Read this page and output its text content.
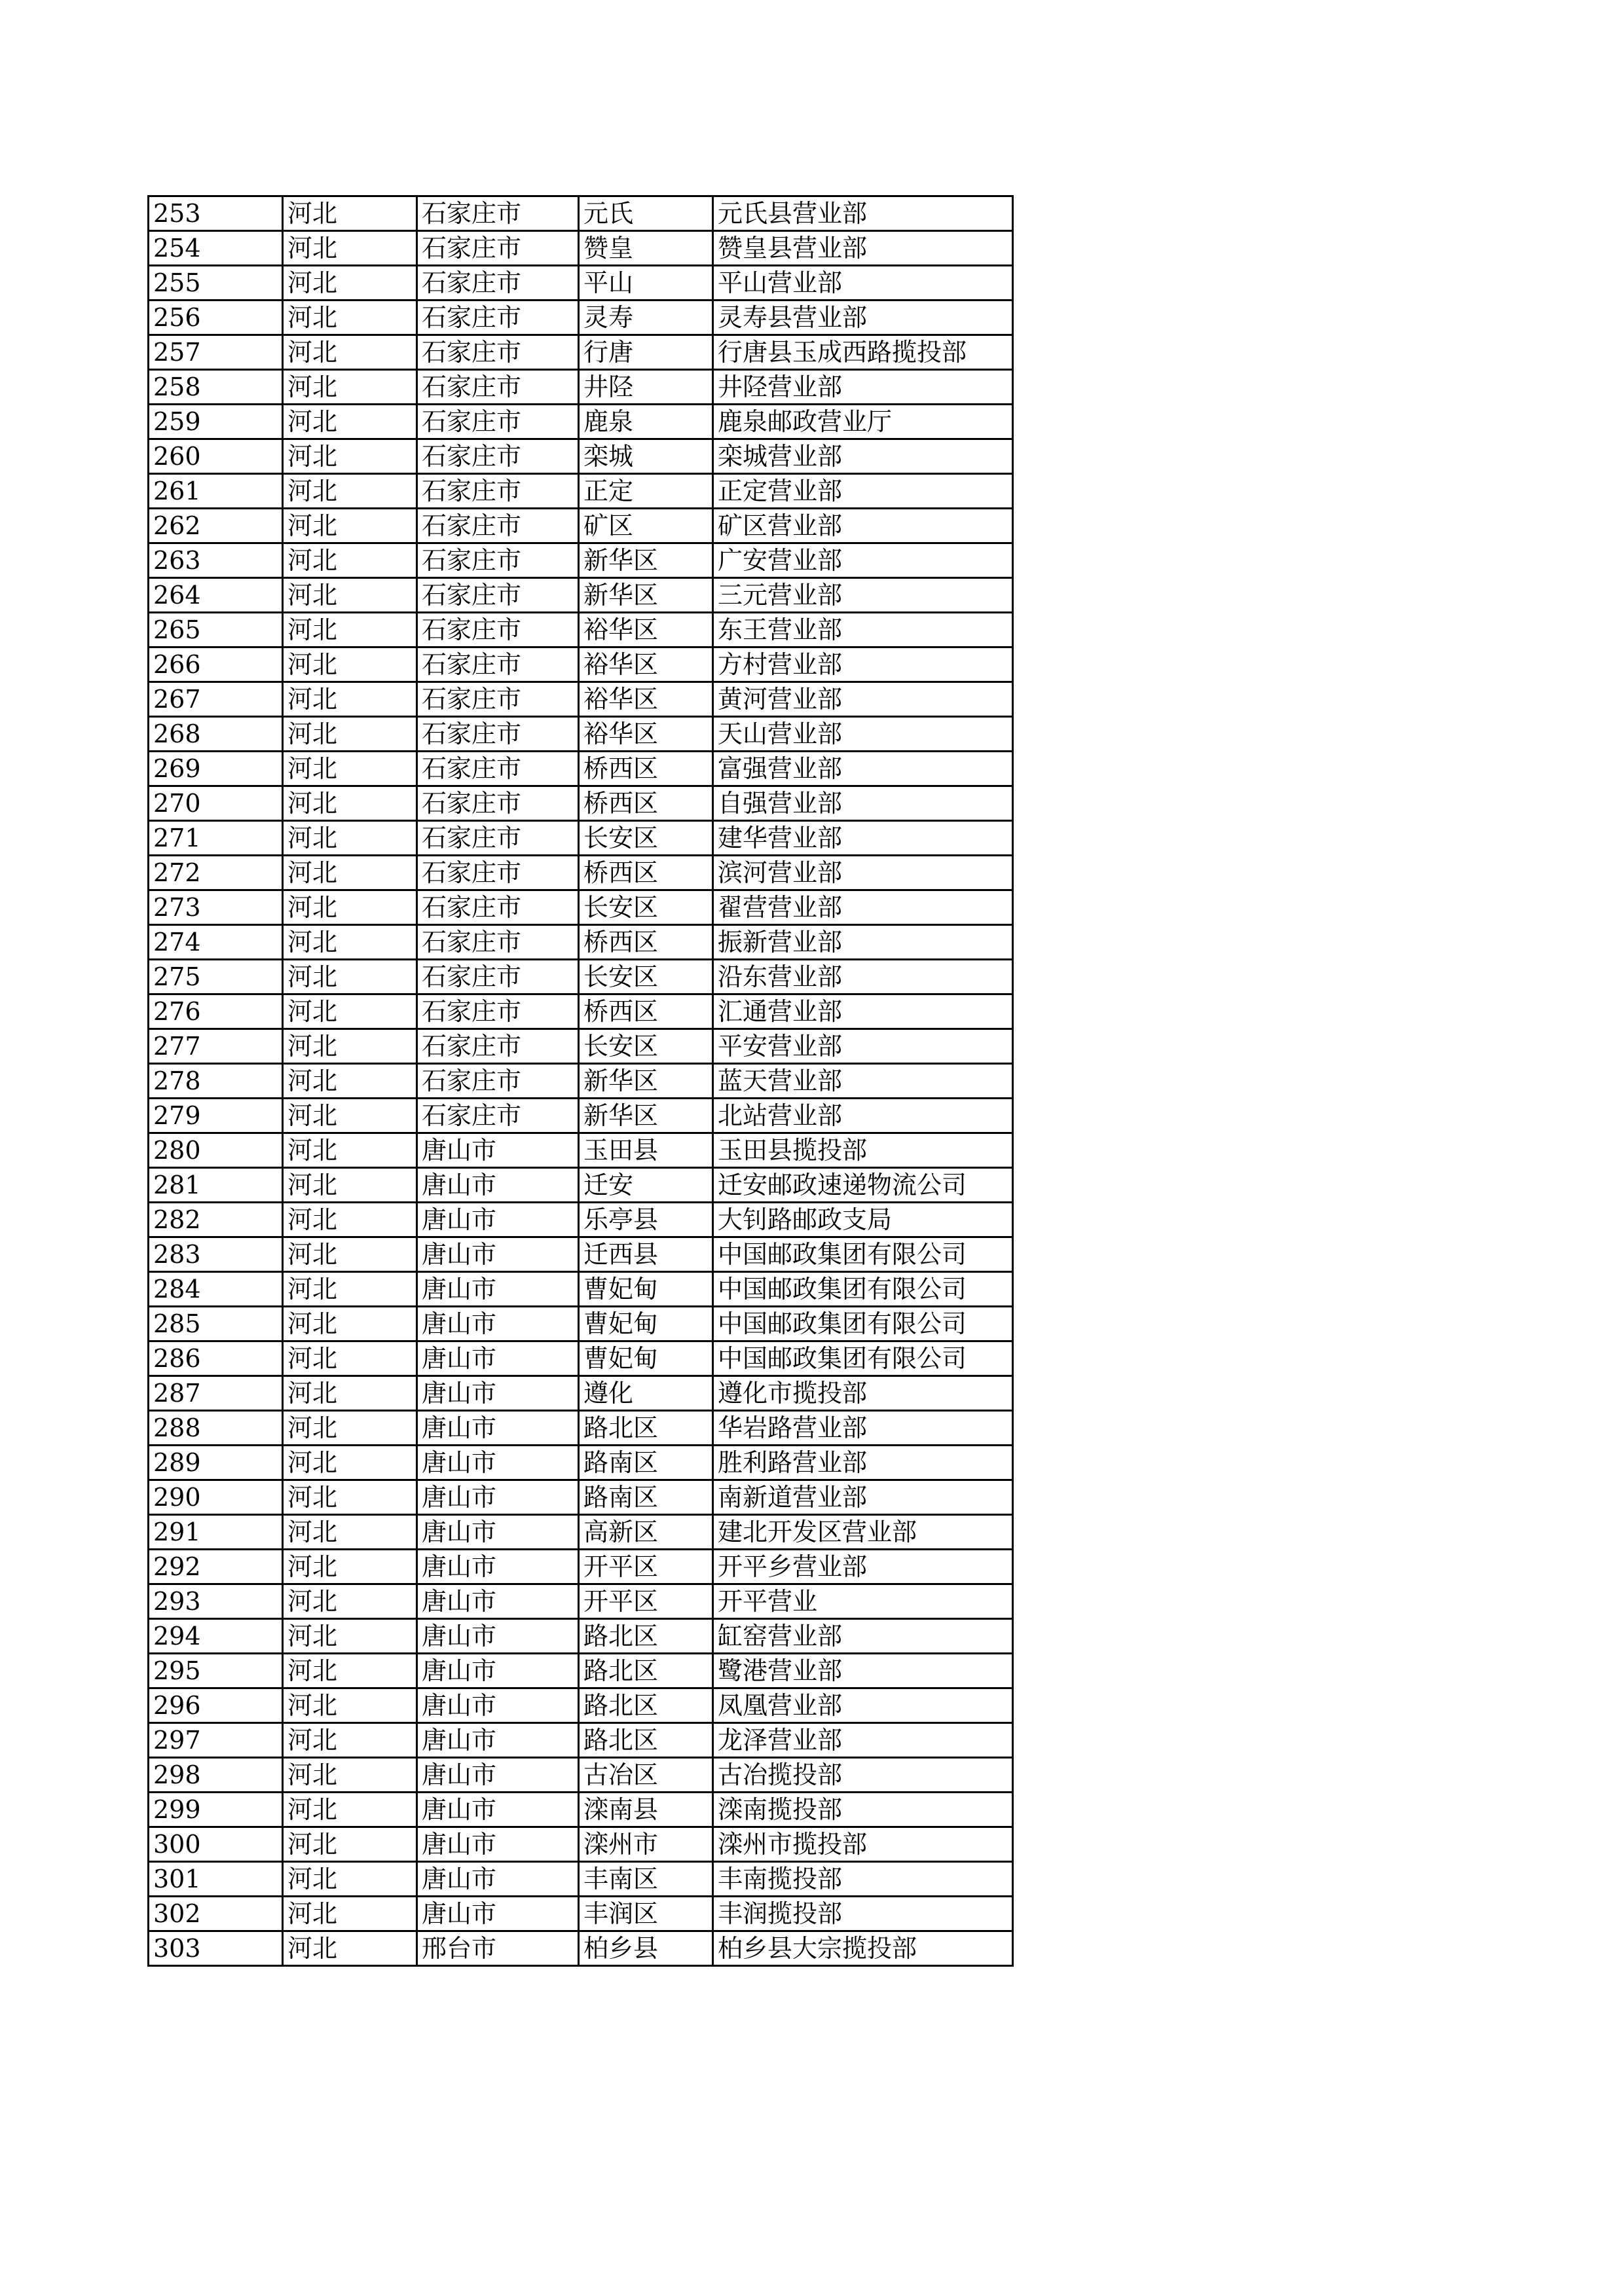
253	河北	石家庄市	元氏	元氏县营业部
254	河北	石家庄市	赞皇	赞皇县营业部
255	河北	石家庄市	平山	平山营业部
256	河北	石家庄市	灵寿	灵寿县营业部
257	河北	石家庄市	行唐	行唐县玉成西路揽投部
258	河北	石家庄市	井陉	井陉营业部
259	河北	石家庄市	鹿泉	鹿泉邮政营业厅
260	河北	石家庄市	栾城	栾城营业部
261	河北	石家庄市	正定	正定营业部
262	河北	石家庄市	矿区	矿区营业部
263	河北	石家庄市	新华区	广安营业部
264	河北	石家庄市	新华区	三元营业部
265	河北	石家庄市	裕华区	东王营业部
266	河北	石家庄市	裕华区	方村营业部
267	河北	石家庄市	裕华区	黄河营业部
268	河北	石家庄市	裕华区	天山营业部
269	河北	石家庄市	桥西区	富强营业部
270	河北	石家庄市	桥西区	自强营业部
271	河北	石家庄市	长安区	建华营业部
272	河北	石家庄市	桥西区	滨河营业部
273	河北	石家庄市	长安区	翟营营业部
274	河北	石家庄市	桥西区	振新营业部
275	河北	石家庄市	长安区	沿东营业部
276	河北	石家庄市	桥西区	汇通营业部
277	河北	石家庄市	长安区	平安营业部
278	河北	石家庄市	新华区	蓝天营业部
279	河北	石家庄市	新华区	北站营业部
280	河北	唐山市	玉田县	玉田县揽投部
281	河北	唐山市	迁安	迁安邮政速递物流公司
282	河北	唐山市	乐亭县	大钊路邮政支局
283	河北	唐山市	迁西县	中国邮政集团有限公司
284	河北	唐山市	曹妃甸	中国邮政集团有限公司
285	河北	唐山市	曹妃甸	中国邮政集团有限公司
286	河北	唐山市	曹妃甸	中国邮政集团有限公司
287	河北	唐山市	遵化	遵化市揽投部
288	河北	唐山市	路北区	华岩路营业部
289	河北	唐山市	路南区	胜利路营业部
290	河北	唐山市	路南区	南新道营业部
291	河北	唐山市	高新区	建北开发区营业部
292	河北	唐山市	开平区	开平乡营业部
293	河北	唐山市	开平区	开平营业
294	河北	唐山市	路北区	缸窑营业部
295	河北	唐山市	路北区	鹭港营业部
296	河北	唐山市	路北区	凤凰营业部
297	河北	唐山市	路北区	龙泽营业部
298	河北	唐山市	古冶区	古冶揽投部
299	河北	唐山市	滦南县	滦南揽投部
300	河北	唐山市	滦州市	滦州市揽投部
301	河北	唐山市	丰南区	丰南揽投部
302	河北	唐山市	丰润区	丰润揽投部
303	河北	邢台市	柏乡县	柏乡县大宗揽投部
